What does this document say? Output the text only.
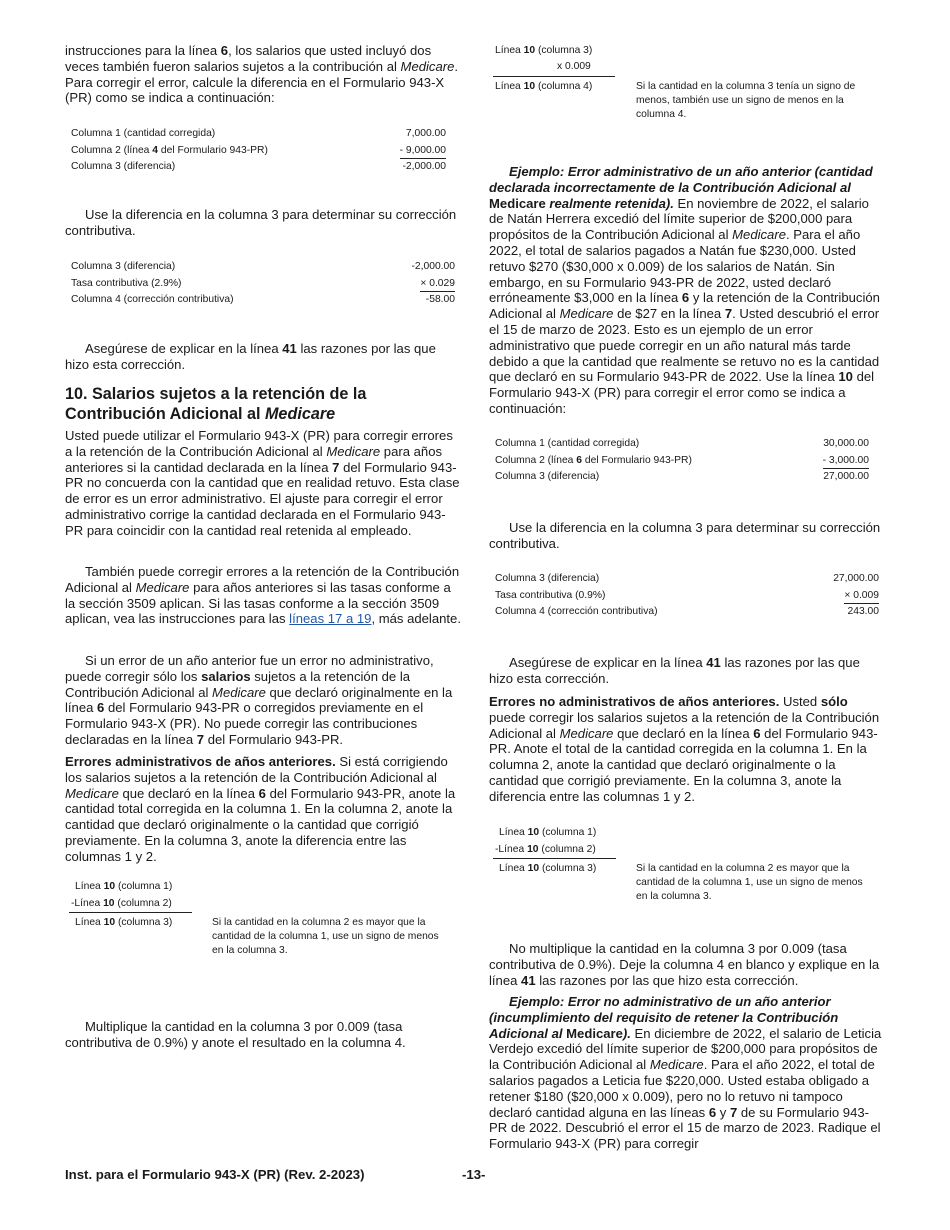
instrucciones para la línea 6, los salarios que usted incluyó dos veces también fueron salarios sujetos a la contribución al Medicare. Para corregir el error, calcule la diferencia en el Formulario 943-X (PR) como se indica a continuación:

Columna 1 (cantidad corregida)	7,000.00
Columna 2 (línea 4 del Formulario 943-PR)	- 9,000.00
Columna 3 (diferencia)	-2,000.00

Use la diferencia en la columna 3 para determinar su corrección contributiva.

Columna 3 (diferencia)	-2,000.00
Tasa contributiva (2.9%)	× 0.029
Columna 4 (corrección contributiva)	-58.00

Asegúrese de explicar en la línea 41 las razones por las que hizo esta corrección.

10. Salarios sujetos a la retención de la Contribución Adicional al Medicare

Usted puede utilizar el Formulario 943-X (PR) para corregir errores a la retención de la Contribución Adicional al Medicare para años anteriores si la cantidad declarada en la línea 7 del Formulario 943-PR no concuerda con la cantidad que en realidad retuvo. Esta clase de error es un error administrativo. El ajuste para corregir el error administrativo corrige la cantidad declarada en el Formulario 943-PR para coincidir con la cantidad real retenida al empleado.

También puede corregir errores a la retención de la Contribución Adicional al Medicare para años anteriores si las tasas conforme a la sección 3509 aplican. Si las tasas conforme a la sección 3509 aplican, vea las instrucciones para las líneas 17 a 19, más adelante.

Si un error de un año anterior fue un error no administrativo, puede corregir sólo los salarios sujetos a la retención de la Contribución Adicional al Medicare que declaró originalmente en la línea 6 del Formulario 943-PR o corregidos previamente en el Formulario 943-X (PR). No puede corregir las contribuciones declaradas en la línea 7 del Formulario 943-PR.

Errores administrativos de años anteriores. Si está corrigiendo los salarios sujetos a la retención de la Contribución Adicional al Medicare que declaró en la línea 6 del Formulario 943-PR, anote la cantidad total corregida en la columna 1. En la columna 2, anote la cantidad que declaró originalmente o la cantidad que corrigió previamente. En la columna 3, anote la diferencia entre las columnas 1 y 2.

Línea 10 (columna 1)
-Línea 10 (columna 2)
Línea 10 (columna 3)	Si la cantidad en la columna 2 es mayor que la cantidad de la columna 1, use un signo de menos en la columna 3.

Multiplique la cantidad en la columna 3 por 0.009 (tasa contributiva de 0.9%) y anote el resultado en la columna 4.

Línea 10 (columna 3)
x 0.009
Línea 10 (columna 4)	Si la cantidad en la columna 3 tenía un signo de menos, también use un signo de menos en la columna 4.

Ejemplo: Error administrativo de un año anterior (cantidad declarada incorrectamente de la Contribución Adicional al Medicare realmente retenida). En noviembre de 2022, el salario de Natán Herrera excedió del límite superior de $200,000 para propósitos de la Contribución Adicional al Medicare. Para el año 2022, el total de salarios pagados a Natán fue $230,000. Usted retuvo $270 ($30,000 x 0.009) de los salarios de Natán. Sin embargo, en su Formulario 943-PR de 2022, usted declaró erróneamente $3,000 en la línea 6 y la retención de la Contribución Adicional al Medicare de $27 en la línea 7. Usted descubrió el error el 15 de marzo de 2023. Esto es un ejemplo de un error administrativo que puede corregir en un año natural más tarde debido a que la cantidad que realmente se retuvo no es la cantidad que declaró en su Formulario 943-PR de 2022. Use la línea 10 del Formulario 943-X (PR) para corregir el error como se indica a continuación:

Columna 1 (cantidad corregida)	30,000.00
Columna 2 (línea 6 del Formulario 943-PR)	- 3,000.00
Columna 3 (diferencia)	27,000.00

Use la diferencia en la columna 3 para determinar su corrección contributiva.

Columna 3 (diferencia)	27,000.00
Tasa contributiva (0.9%)	× 0.009
Columna 4 (corrección contributiva)	243.00

Asegúrese de explicar en la línea 41 las razones por las que hizo esta corrección.

Errores no administrativos de años anteriores. Usted sólo puede corregir los salarios sujetos a la retención de la Contribución Adicional al Medicare que declaró en la línea 6 del Formulario 943-PR. Anote el total de la cantidad corregida en la columna 1. En la columna 2, anote la cantidad que declaró originalmente o la cantidad que corrigió previamente. En la columna 3, anote la diferencia entre las columnas 1 y 2.

Línea 10 (columna 1)
-Línea 10 (columna 2)
Línea 10 (columna 3)	Si la cantidad en la columna 2 es mayor que la cantidad de la columna 1, use un signo de menos en la columna 3.

No multiplique la cantidad en la columna 3 por 0.009 (tasa contributiva de 0.9%). Deje la columna 4 en blanco y explique en la línea 41 las razones por las que hizo esta corrección.

Ejemplo: Error no administrativo de un año anterior (incumplimiento del requisito de retener la Contribución Adicional al Medicare). En diciembre de 2022, el salario de Leticia Verdejo excedió del límite superior de $200,000 para propósitos de la Contribución Adicional al Medicare. Para el año 2022, el total de salarios pagados a Leticia fue $220,000. Usted estaba obligado a retener $180 ($20,000 x 0.009), pero no lo retuvo ni tampoco declaró cantidad alguna en las líneas 6 y 7 de su Formulario 943-PR de 2022. Descubrió el error el 15 de marzo de 2023. Radique el Formulario 943-X (PR) para corregir

Inst. para el Formulario 943-X (PR) (Rev. 2-2023)	-13-
